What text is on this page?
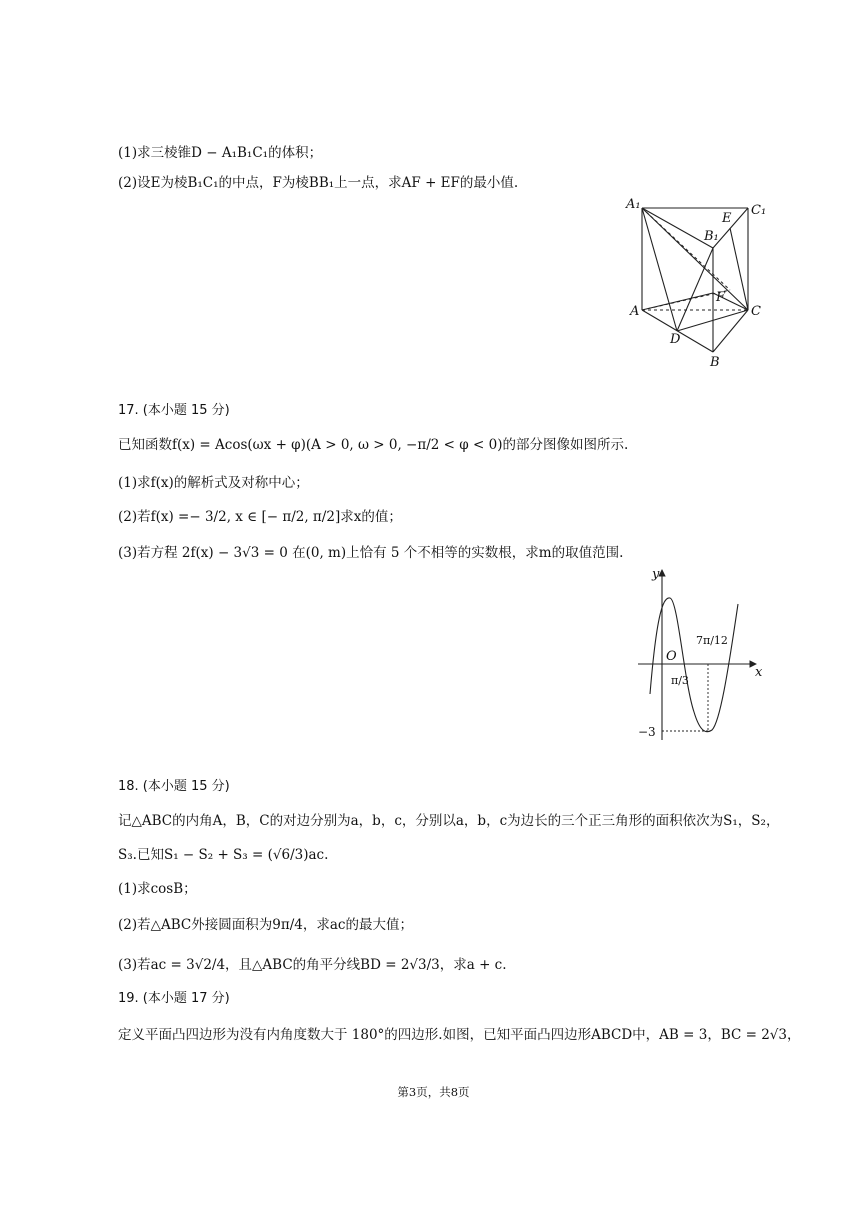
(1)求三棱锥D − A₁B₁C₁的体积；
(2)设E为棱B₁C₁的中点，F为棱BB₁上一点，求AF + EF的最小值.
A₁	C₁
E
B₁
F
A	C
D
B
17. (本小题 15 分)
已知函数f(x) = Acos(ωx + φ)(A > 0, ω > 0, −π/2 < φ < 0)的部分图像如图所示.
(1)求f(x)的解析式及对称中心；
(2)若f(x) =− 3/2, x ∈ [− π/2, π/2]求x的值；
(3)若方程 2f(x) − 3√3 = 0 在(0, m)上恰有 5 个不相等的实数根，求m的取值范围.
y
x
O
π/3
7π/12
−3
18. (本小题 15 分)
记△ABC的内角A，B，C的对边分别为a，b，c，分别以a，b，c为边长的三个正三角形的面积依次为S₁，S₂，
S₃.已知S₁ − S₂ + S₃ = (√6/3)ac.
(1)求cosB；
(2)若△ABC外接圆面积为9π/4，求ac的最大值；
(3)若ac = 3√2/4，且△ABC的角平分线BD = 2√3/3，求a + c.
19. (本小题 17 分)
定义平面凸四边形为没有内角度数大于 180°的四边形.如图，已知平面凸四边形ABCD中，AB = 3，BC = 2√3，
第3页，共8页
